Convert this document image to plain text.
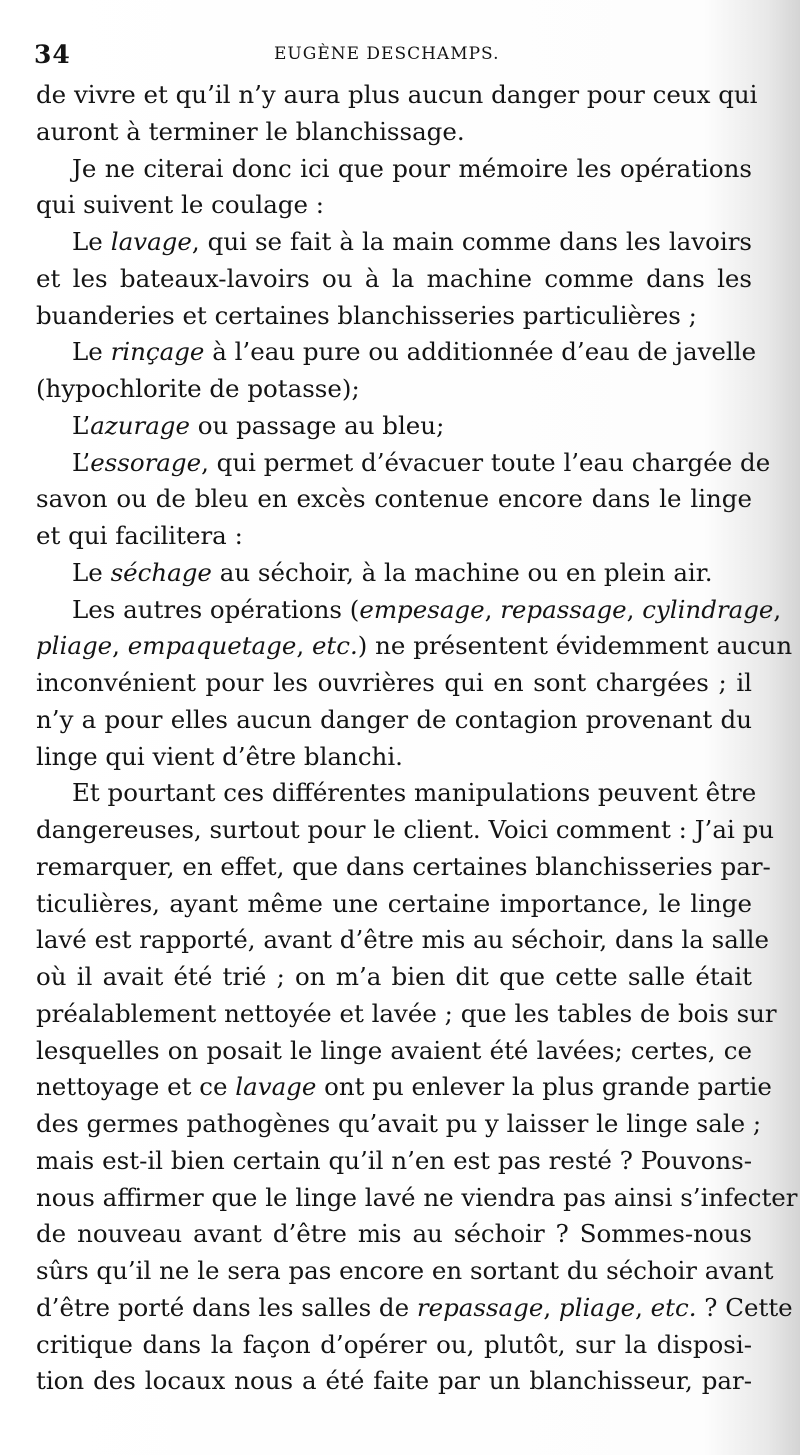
34	EUGÈNE DESCHAMPS.
de vivre et qu’il n’y aura plus aucun danger pour ceux qui
auront à terminer le blanchissage.
Je ne citerai donc ici que pour mémoire les opérations
qui suivent le coulage :
Le lavage, qui se fait à la main comme dans les lavoirs
et les bateaux-lavoirs ou à la machine comme dans les
buanderies et certaines blanchisseries particulières ;
Le rinçage à l’eau pure ou additionnée d’eau de javelle
(hypochlorite de potasse);
L’azurage ou passage au bleu;
L’essorage, qui permet d’évacuer toute l’eau chargée de
savon ou de bleu en excès contenue encore dans le linge
et qui facilitera :
Le séchage au séchoir, à la machine ou en plein air.
Les autres opérations (empesage, repassage, cylindrage,
pliage, empaquetage, etc.) ne présentent évidemment aucun
inconvénient pour les ouvrières qui en sont chargées ; il
n’y a pour elles aucun danger de contagion provenant du
linge qui vient d’être blanchi.
Et pourtant ces différentes manipulations peuvent être
dangereuses, surtout pour le client. Voici comment : J’ai pu
remarquer, en effet, que dans certaines blanchisseries par-
ticulières, ayant même une certaine importance, le linge
lavé est rapporté, avant d’être mis au séchoir, dans la salle
où il avait été trié ; on m’a bien dit que cette salle était
préalablement nettoyée et lavée ; que les tables de bois sur
lesquelles on posait le linge avaient été lavées; certes, ce
nettoyage et ce lavage ont pu enlever la plus grande partie
des germes pathogènes qu’avait pu y laisser le linge sale ;
mais est-il bien certain qu’il n’en est pas resté ? Pouvons-
nous affirmer que le linge lavé ne viendra pas ainsi s’infecter
de nouveau avant d’être mis au séchoir ? Sommes-nous
sûrs qu’il ne le sera pas encore en sortant du séchoir avant
d’être porté dans les salles de repassage, pliage, etc. ? Cette
critique dans la façon d’opérer ou, plutôt, sur la disposi-
tion des locaux nous a été faite par un blanchisseur, par-
